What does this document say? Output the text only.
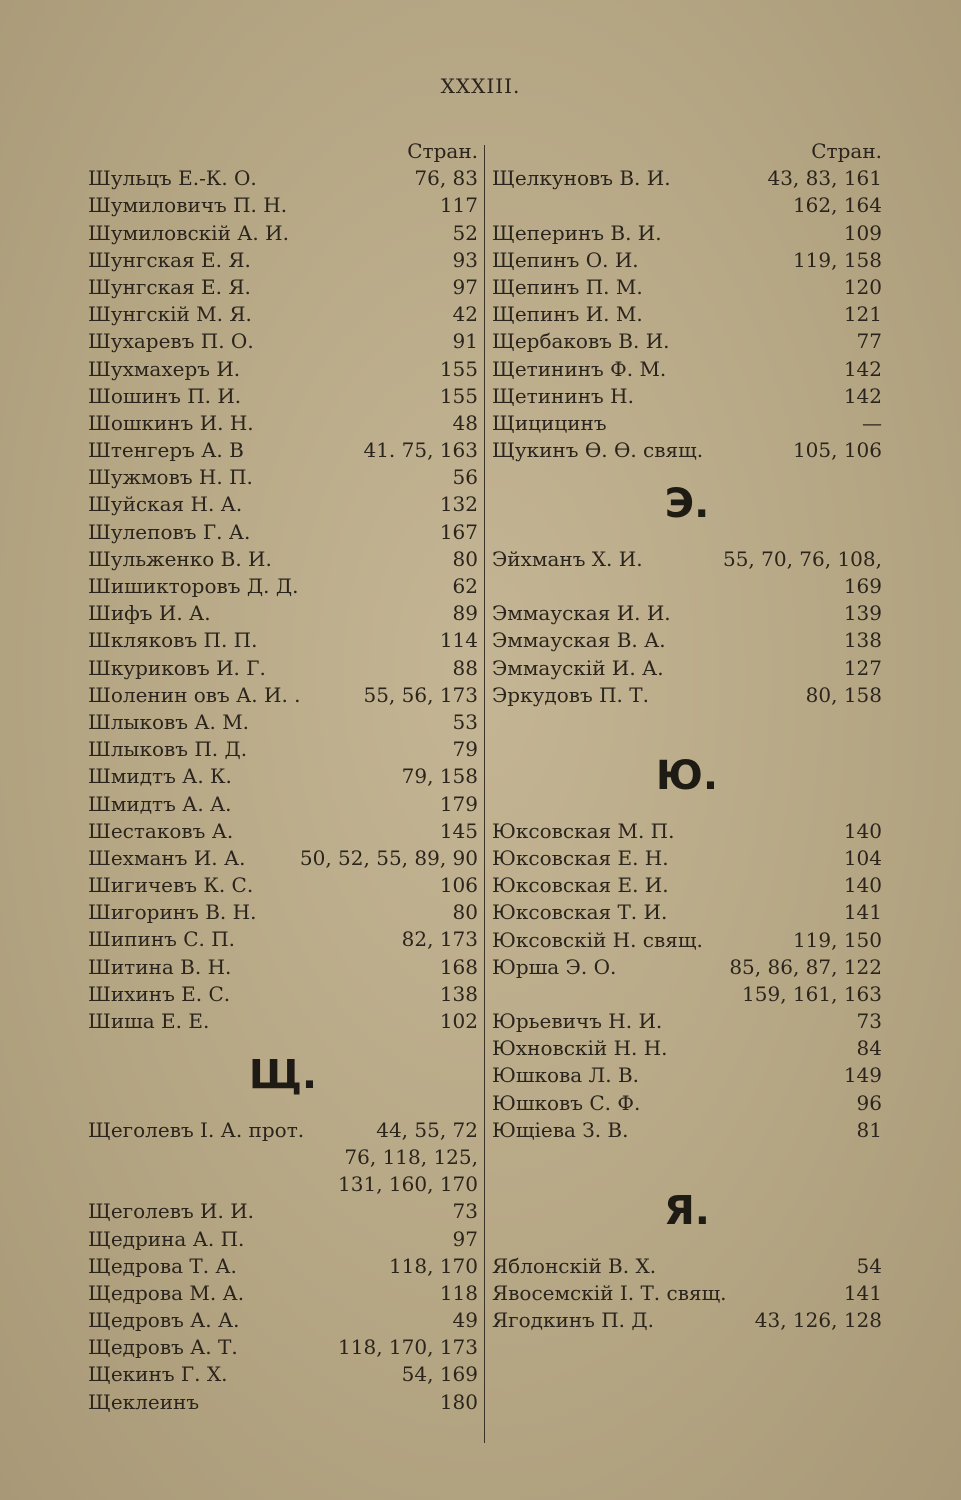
XXXIII.
Стран.
Шульцъ Е.-К. О.	76, 83
Шумиловичъ П. Н.	117
Шумиловскій А. И.	52
Шунгская Е. Я.	93
Шунгская Е. Я.	97
Шунгскій М. Я.	42
Шухаревъ П. О.	91
Шухмахеръ И.	155
Шошинъ П. И.	155
Шошкинъ И. Н.	48
Штенгеръ А. В	41. 75, 163
Шужмовъ Н. П.	56
Шуйская Н. А.	132
Шулеповъ Г. А.	167
Шульженко В. И.	80
Шишикторовъ Д. Д.	62
Шифъ И. А.	89
Шкляковъ П. П.	114
Шкуриковъ И. Г.	88
Шоленин овъ А. И. .	55, 56, 173
Шлыковъ А. М.	53
Шлыковъ П. Д.	79
Шмидтъ А. К.	79, 158
Шмидтъ А. А.	179
Шестаковъ А.	145
Шехманъ И. А.	50, 52, 55, 89, 90
Шигичевъ К. С.	106
Шигоринъ В. Н.	80
Шипинъ С. П.	82, 173
Шитина В. Н.	168
Шихинъ Е. С.	138
Шиша Е. Е.	102
Щ.
Щеголевъ І. А. прот.	44, 55, 72
76, 118, 125,
131, 160, 170
Щеголевъ И. И.	73
Щедрина А. П.	97
Щедрова Т. А.	118, 170
Щедрова М. А.	118
Щедровъ А. А.	49
Щедровъ А. Т.	118, 170, 173
Щекинъ Г. Х.	54, 169
Щеклеинъ	180
Стран.
Щелкуновъ В. И.	43, 83, 161
162, 164
Щеперинъ В. И.	109
Щепинъ О. И.	119, 158
Щепинъ П. М.	120
Щепинъ И. М.	121
Щербаковъ В. И.	77
Щетининъ Ф. М.	142
Щетининъ Н.	142
Щицицинъ	—
Щукинъ Ѳ. Ѳ. свящ.	105, 106
Э.
Эйхманъ Х. И.	55, 70, 76, 108,
169
Эммауская И. И.	139
Эммауская В. А.	138
Эммаускій И. А.	127
Эркудовъ П. Т.	80, 158
Ю.
Юксовская М. П.	140
Юксовская Е. Н.	104
Юксовская Е. И.	140
Юксовская Т. И.	141
Юксовскій Н. свящ.	119, 150
Юрша Э. О.	85, 86, 87, 122
159, 161, 163
Юрьевичъ Н. И.	73
Юхновскій Н. Н.	84
Юшкова Л. В.	149
Юшковъ С. Ф.	96
Ющіева З. В.	81
Я.
Яблонскій В. Х.	54
Явосемскій І. Т. свящ.	141
Ягодкинъ П. Д.	43, 126, 128
